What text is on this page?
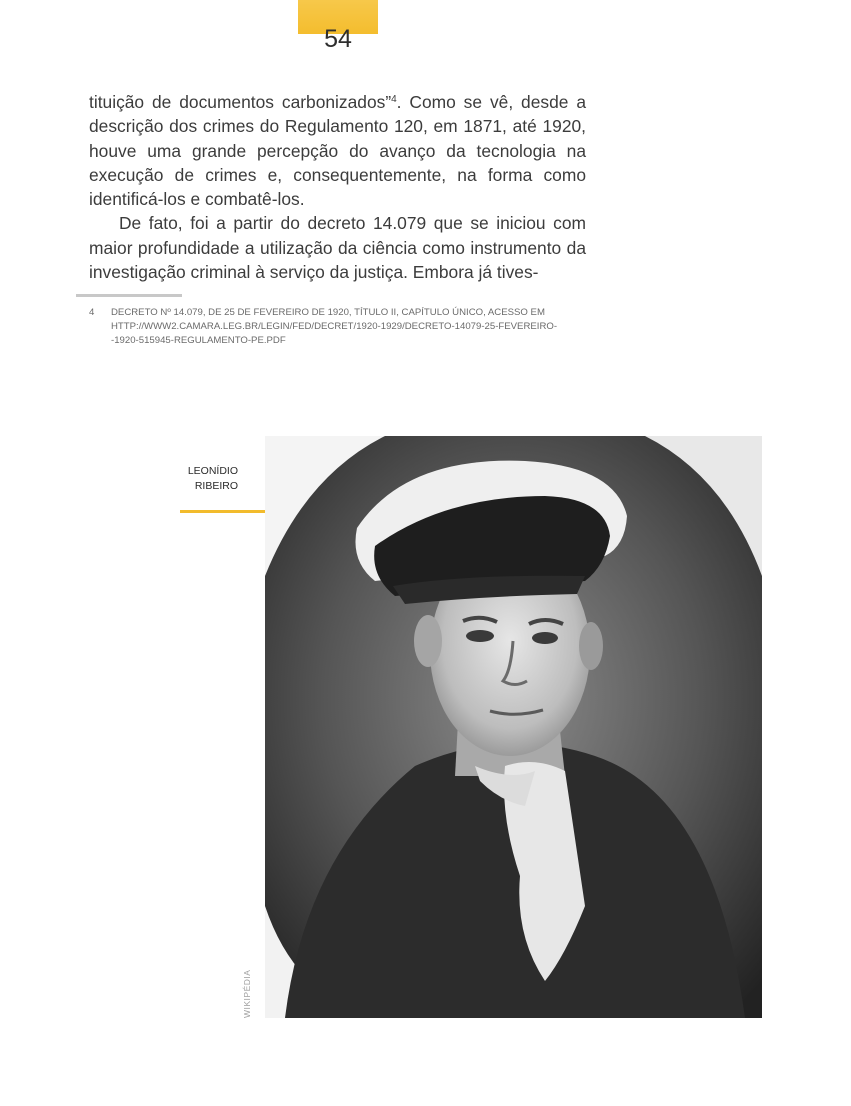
54

tituição de documentos carbonizados”$^4$. Como se vê, desde a descrição dos crimes do Regulamento 120, em 1871, até 1920, houve uma grande percepção do avanço da tecnologia na execução de crimes e, consequentemente, na forma como identificá-los e combatê-los.

De fato, foi a partir do decreto 14.079 que se iniciou com maior profundidade a utilização da ciência como instrumento da investigação criminal à serviço da justiça. Embora já tives-

4 DECRETO Nº 14.079, DE 25 DE FEVEREIRO DE 1920, TÍTULO II, CAPÍTULO ÚNICO, ACESSO EM HTTP://WWW2.CAMARA.LEG.BR/LEGIN/FED/DECRET/1920-1929/DECRETO-14079-25-FEVEREIRO--1920-515945-REGULAMENTO-PE.PDF
LEONÍDIO
RIBEIRO
WIKIPÉDIA
